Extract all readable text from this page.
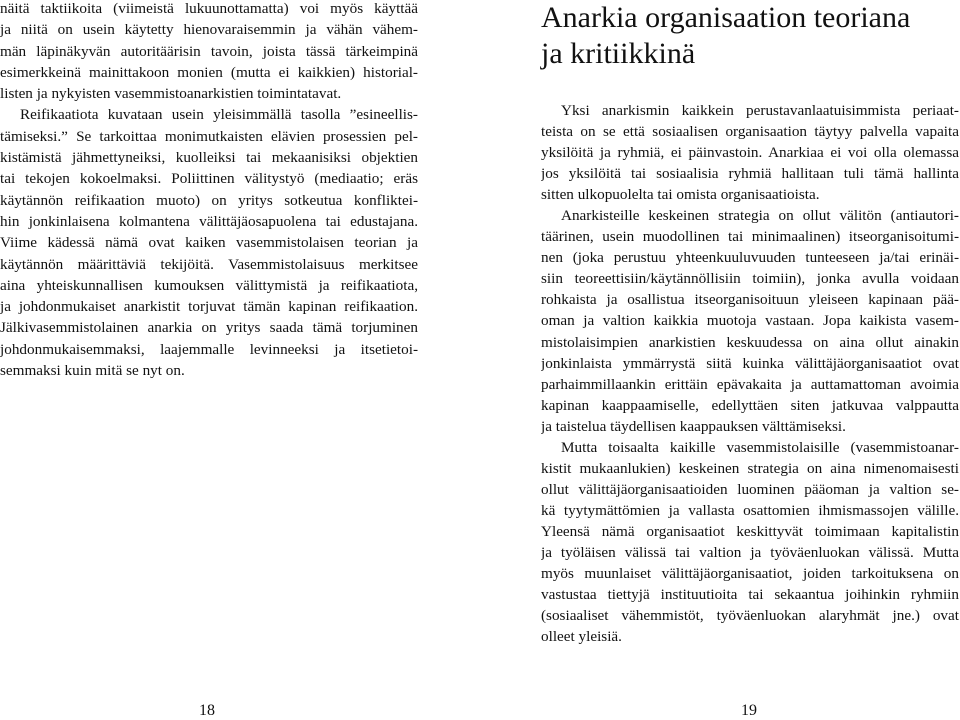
näitä taktiikoita (viimeistä lukuunottamatta) voi myös käyttää
ja niitä on usein käytetty hienovaraisemmin ja vähän vähem-
män läpinäkyvän autoritäärisin tavoin, joista tässä tärkeimpinä
esimerkkeinä mainittakoon monien (mutta ei kaikkien) historial-
listen ja nykyisten vasemmistoanarkistien toimintatavat.
Reifikaatiota kuvataan usein yleisimmällä tasolla ”esineellis-
tämiseksi.” Se tarkoittaa monimutkaisten elävien prosessien pel-
kistämistä jähmettyneiksi, kuolleiksi tai mekaanisiksi objektien
tai tekojen kokoelmaksi. Poliittinen välitystyö (mediaatio; eräs
käytännön reifikaation muoto) on yritys sotkeutua konfliktei-
hin jonkinlaisena kolmantena välittäjäosapuolena tai edustajana.
Viime kädessä nämä ovat kaiken vasemmistolaisen teorian ja
käytännön määrittäviä tekijöitä. Vasemmistolaisuus merkitsee
aina yhteiskunnallisen kumouksen välittymistä ja reifikaatiota,
ja johdonmukaiset anarkistit torjuvat tämän kapinan reifikaation.
Jälkivasemmistolainen anarkia on yritys saada tämä torjuminen
johdonmukaisemmaksi, laajemmalle levinneeksi ja itsetietoi-
semmaksi kuin mitä se nyt on.
Anarkia organisaation teoriana
ja kritiikkinä
Yksi anarkismin kaikkein perustavanlaatuisimmista periaat-
teista on se että sosiaalisen organisaation täytyy palvella vapaita
yksilöitä ja ryhmiä, ei päinvastoin. Anarkiaa ei voi olla olemassa
jos yksilöitä tai sosiaalisia ryhmiä hallitaan tuli tämä hallinta
sitten ulkopuolelta tai omista organisaatioista.
Anarkisteille keskeinen strategia on ollut välitön (antiautori-
täärinen, usein muodollinen tai minimaalinen) itseorganisoitumi-
nen (joka perustuu yhteenkuuluvuuden tunteeseen ja/tai erinäi-
siin teoreettisiin/käytännöllisiin toimiin), jonka avulla voidaan
rohkaista ja osallistua itseorganisoituun yleiseen kapinaan pää-
oman ja valtion kaikkia muotoja vastaan. Jopa kaikista vasem-
mistolaisimpien anarkistien keskuudessa on aina ollut ainakin
jonkinlaista ymmärrystä siitä kuinka välittäjäorganisaatiot ovat
parhaimmillaankin erittäin epävakaita ja auttamattoman avoimia
kapinan kaappaamiselle, edellyttäen siten jatkuvaa valppautta
ja taistelua täydellisen kaappauksen välttämiseksi.
Mutta toisaalta kaikille vasemmistolaisille (vasemmistoanar-
kistit mukaanlukien) keskeinen strategia on aina nimenomaisesti
ollut välittäjäorganisaatioiden luominen pääoman ja valtion se-
kä tyytymättömien ja vallasta osattomien ihmismassojen välille.
Yleensä nämä organisaatiot keskittyvät toimimaan kapitalistin
ja työläisen välissä tai valtion ja työväenluokan välissä. Mutta
myös muunlaiset välittäjäorganisaatiot, joiden tarkoituksena on
vastustaa tiettyjä instituutioita tai sekaantua joihinkin ryhmiin
(sosiaaliset vähemmistöt, työväenluokan alaryhmät jne.) ovat
olleet yleisiä.
18	19
